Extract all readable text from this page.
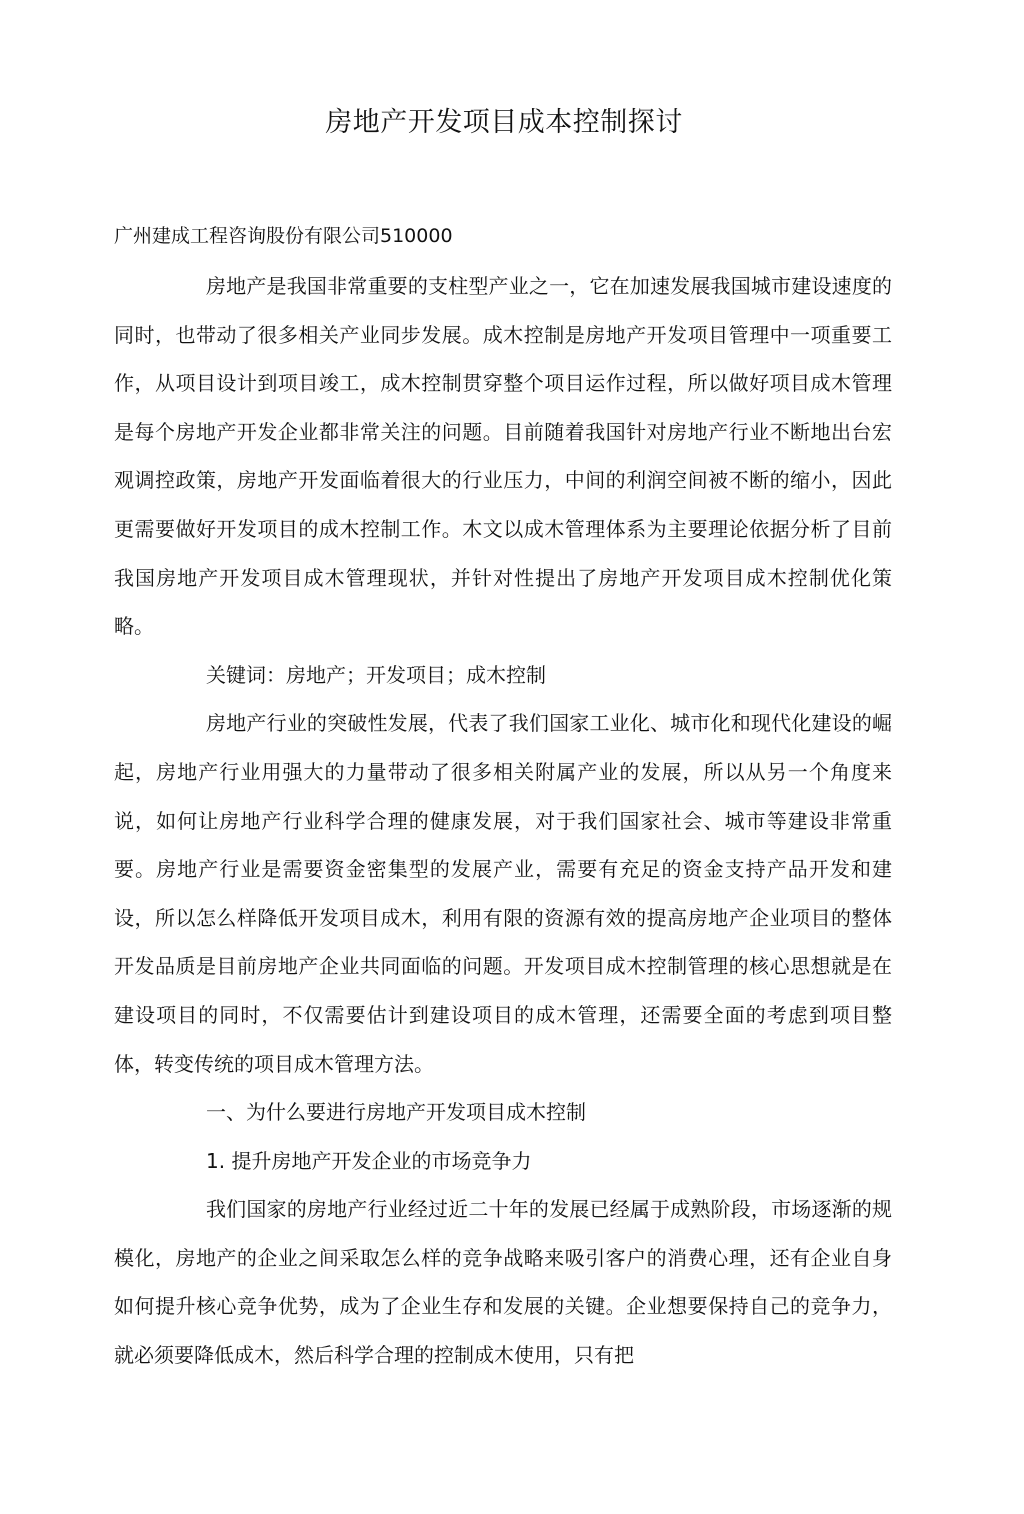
房地产开发项目成本控制探讨

广州建成工程咨询股份有限公司510000

房地产是我国非常重要的支柱型产业之一，它在加速发展我国城市建设速度的同时，也带动了很多相关产业同步发展。成木控制是房地产开发项目管理中一项重要工作，从项目设计到项目竣工，成木控制贯穿整个项目运作过程，所以做好项目成木管理是每个房地产开发企业都非常关注的问题。目前随着我国针对房地产行业不断地出台宏观调控政策，房地产开发面临着很大的行业压力，中间的利润空间被不断的缩小，因此更需要做好开发项目的成木控制工作。木文以成木管理体系为主要理论依据分析了目前我国房地产开发项目成木管理现状，并针对性提出了房地产开发项目成木控制优化策略。

关键词：房地产；开发项目；成木控制

房地产行业的突破性发展，代表了我们国家工业化、城市化和现代化建设的崛起，房地产行业用强大的力量带动了很多相关附属产业的发展，所以从另一个角度来说，如何让房地产行业科学合理的健康发展，对于我们国家社会、城市等建设非常重要。房地产行业是需要资金密集型的发展产业，需要有充足的资金支持产品开发和建设，所以怎么样降低开发项目成木，利用有限的资源有效的提高房地产企业项目的整体开发品质是目前房地产企业共同面临的问题。开发项目成木控制管理的核心思想就是在建设项目的同时，不仅需要估计到建设项目的成木管理，还需要全面的考虑到项目整体，转变传统的项目成木管理方法。

一、为什么要进行房地产开发项目成木控制

1. 提升房地产开发企业的市场竞争力

我们国家的房地产行业经过近二十年的发展已经属于成熟阶段，市场逐渐的规模化，房地产的企业之间采取怎么样的竞争战略来吸引客户的消费心理，还有企业自身如何提升核心竞争优势，成为了企业生存和发展的关键。企业想要保持自己的竞争力，就必须要降低成木，然后科学合理的控制成木使用，只有把
